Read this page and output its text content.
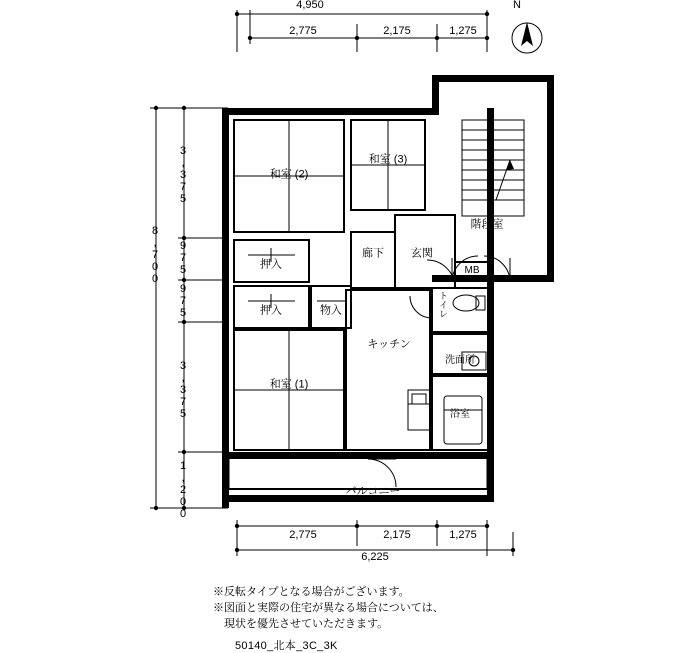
N
4,950
2,775	2,175	1,275
2,775	2,175	1,275
6,225
8,700
3,375
975
975
3,375
1,200
和室 (2)
和室 (3)
和室 (1)
押入
押入	物入
廊下 玄関
階段室
MB
トイレ
キッチン
洗面所
浴室
バルコニー
※反転タイプとなる場合がございます。
※図面と実際の住宅が異なる場合については、
　現状を優先させていただきます。
50140_北本_3C_3K
